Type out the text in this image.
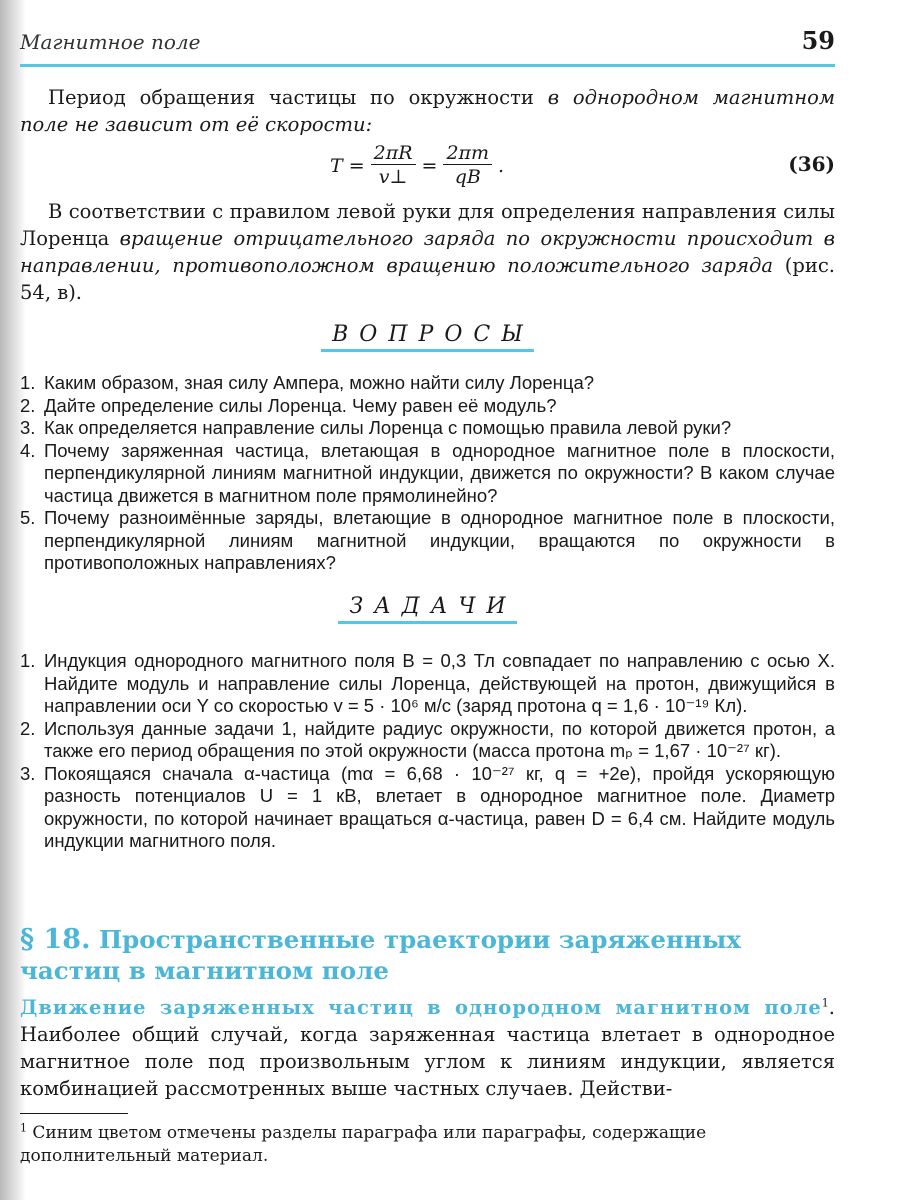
Магнитное поле	59
Период обращения частицы по окружности в однородном магнитном поле не зависит от её скорости:
$T = \frac{2\pi R}{v\perp} = \frac{2\pi m}{qB}$ .	(36)
В соответствии с правилом левой руки для определения направления силы Лоренца вращение отрицательного заряда по окружности происходит в направлении, противоположном вращению положительного заряда (рис. 54, в).
ВОПРОСЫ
1. Каким образом, зная силу Ампера, можно найти силу Лоренца?
2. Дайте определение силы Лоренца. Чему равен её модуль?
3. Как определяется направление силы Лоренца с помощью правила левой руки?
4. Почему заряженная частица, влетающая в однородное магнитное поле в плоскости, перпендикулярной линиям магнитной индукции, движется по окружности? В каком случае частица движется в магнитном поле прямолинейно?
5. Почему разноимённые заряды, влетающие в однородное магнитное поле в плоскости, перпендикулярной линиям магнитной индукции, вращаются по окружности в противоположных направлениях?
ЗАДАЧИ
1. Индукция однородного магнитного поля B = 0,3 Тл совпадает по направлению с осью X. Найдите модуль и направление силы Лоренца, действующей на протон, движущийся в направлении оси Y со скоростью v = 5 · 10⁶ м/с (заряд протона q = 1,6 · 10⁻¹⁹ Кл).
2. Используя данные задачи 1, найдите радиус окружности, по которой движется протон, а также его период обращения по этой окружности (масса протона mₚ = 1,67 · 10⁻²⁷ кг).
3. Покоящаяся сначала α-частица (mα = 6,68 · 10⁻²⁷ кг, q = +2e), пройдя ускоряющую разность потенциалов U = 1 кВ, влетает в однородное магнитное поле. Диаметр окружности, по которой начинает вращаться α-частица, равен D = 6,4 см. Найдите модуль индукции магнитного поля.
§ 18. Пространственные траектории заряженных частиц в магнитном поле
Движение заряженных частиц в однородном магнитном поле$^1$. Наиболее общий случай, когда заряженная частица влетает в однородное магнитное поле под произвольным углом к линиям индукции, является комбинацией рассмотренных выше частных случаев. Действи-
$^1$ Синим цветом отмечены разделы параграфа или параграфы, содержащие дополнительный материал.
